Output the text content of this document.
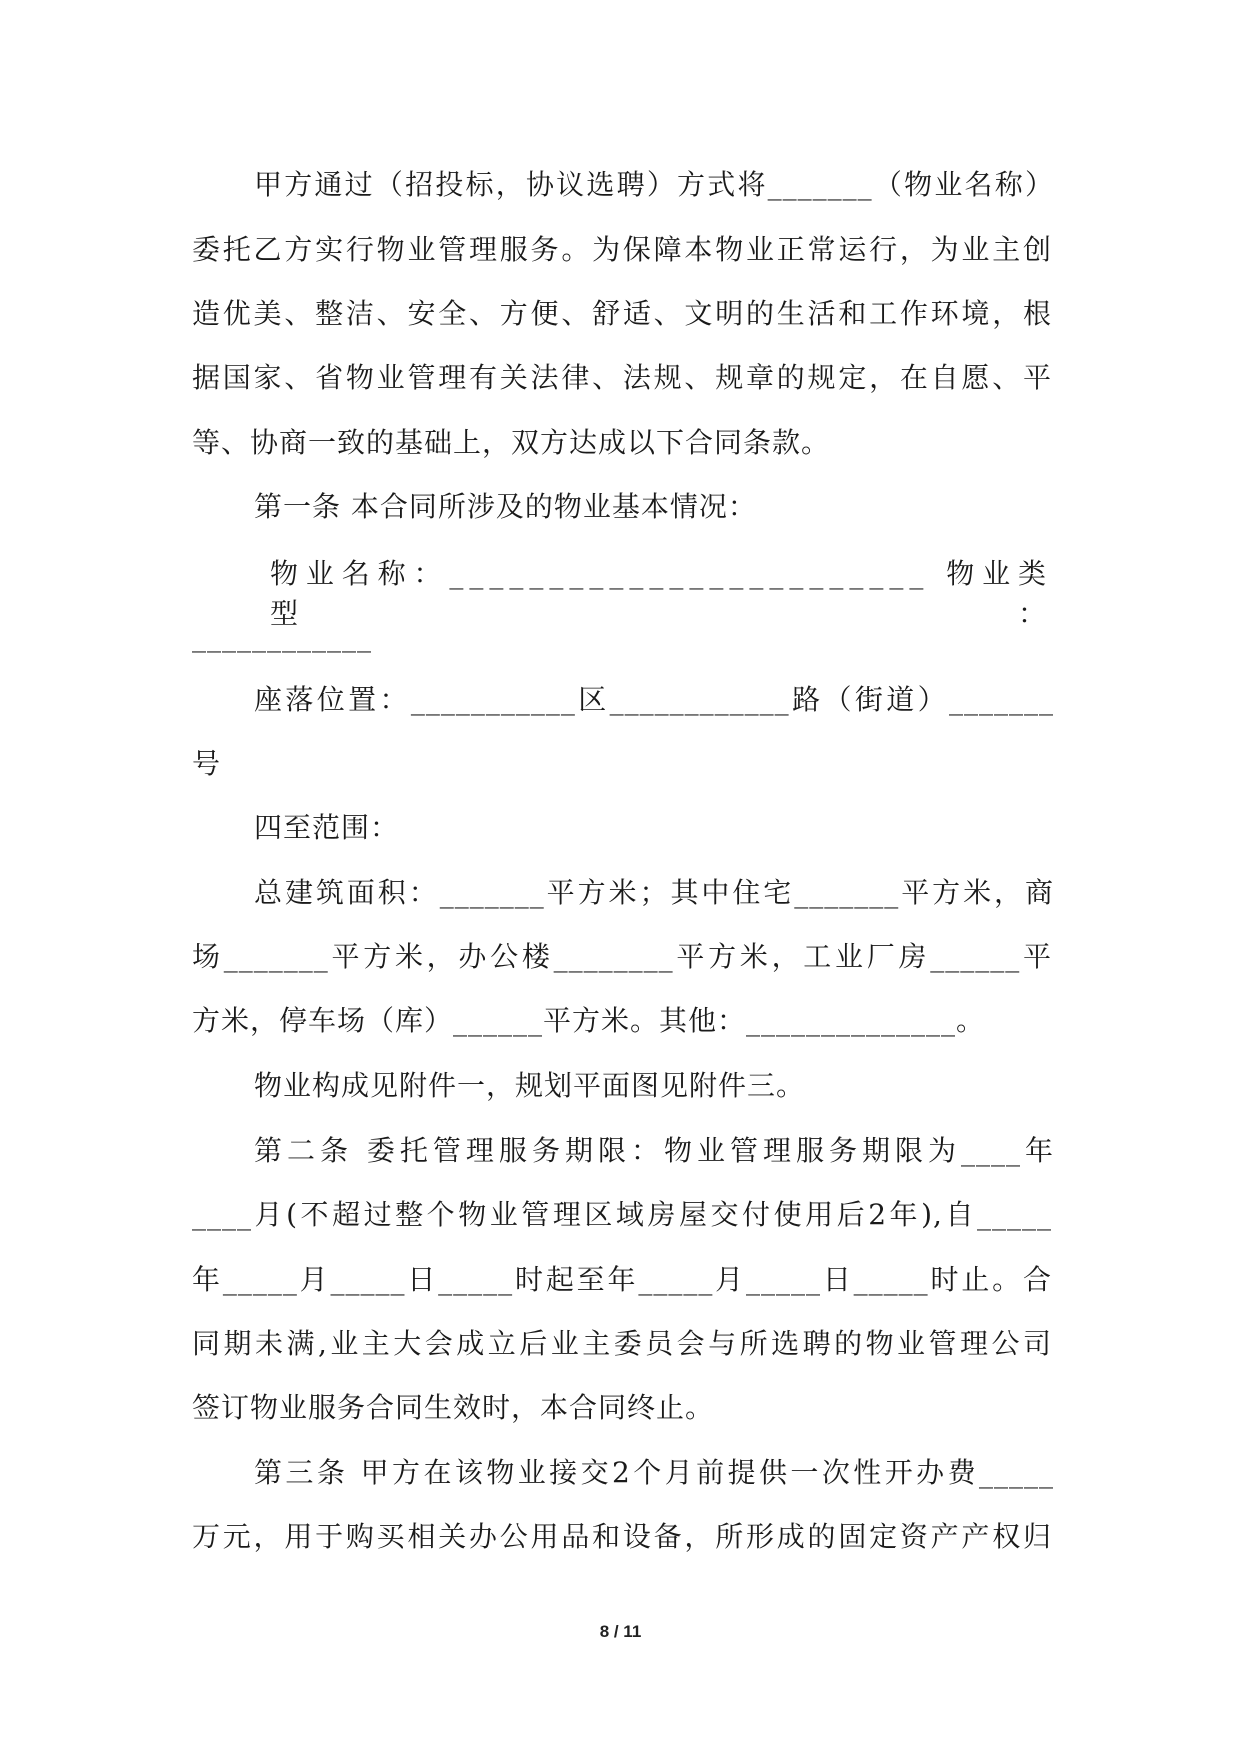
甲方通过（招投标，协议选聘）方式将_______（物业名称）
委托乙方实行物业管理服务。为保障本物业正常运行，为业主创
造优美、整洁、安全、方便、舒适、文明的生活和工作环境，根
据国家、省物业管理有关法律、法规、规章的规定，在自愿、平
等、协商一致的基础上，双方达成以下合同条款。
第一条 本合同所涉及的物业基本情况：
物业名称：________________________ 物业类型：
____________
座落位置：___________区____________路（街道）_______
号
四至范围：
总建筑面积：_______平方米；其中住宅_______平方米，商
场_______平方米，办公楼________平方米，工业厂房______平
方米，停车场（库）______平方米。其他：______________。
物业构成见附件一，规划平面图见附件三。
第二条 委托管理服务期限：物业管理服务期限为____年
____月(不超过整个物业管理区域房屋交付使用后2年),自_____
年_____月_____日_____时起至年_____月_____日_____时止。合
同期未满,业主大会成立后业主委员会与所选聘的物业管理公司
签订物业服务合同生效时，本合同终止。
第三条 甲方在该物业接交2个月前提供一次性开办费_____
万元，用于购买相关办公用品和设备，所形成的固定资产产权归
8 / 11
